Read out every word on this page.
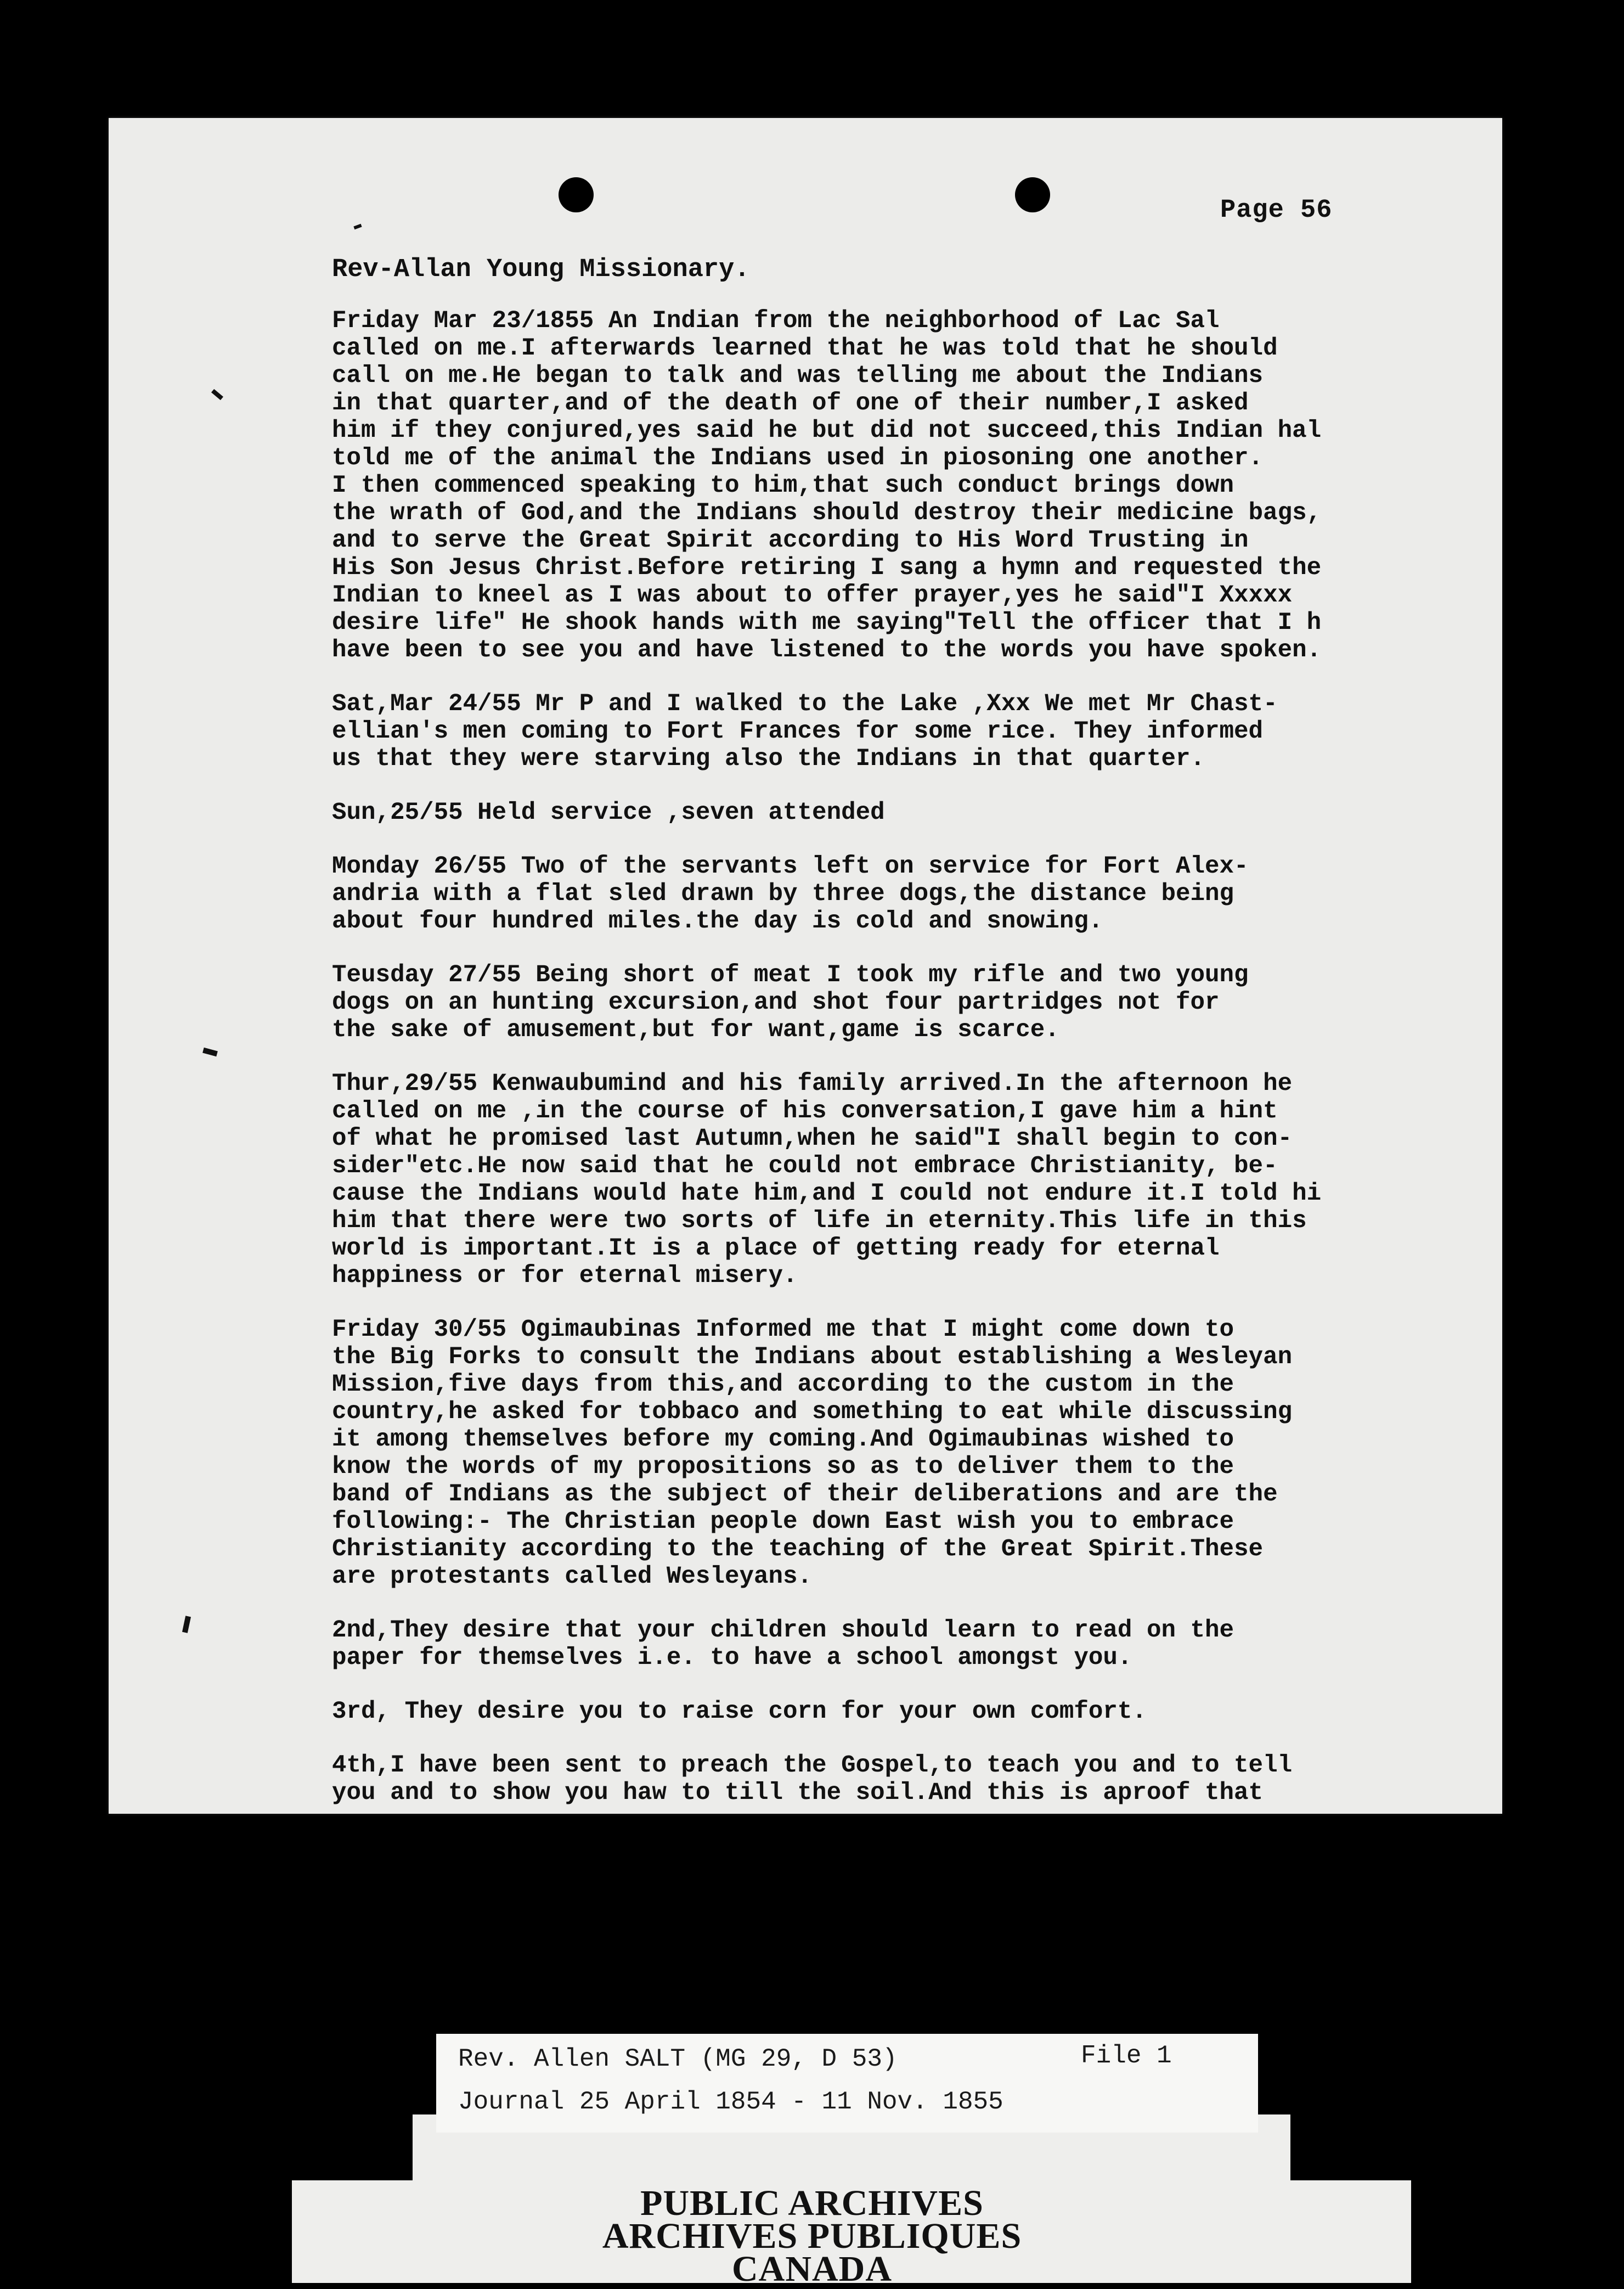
Page 56
Rev-Allan Young Missionary.

Friday Mar 23/1855 An Indian from the neighborhood of Lac Sal
called on me.I afterwards learned that he was told that he should
call on me.He began to talk and was telling me about the Indians
in that quarter,and of the death of one of their number,I asked
him if they conjured,yes said he but did not succeed,this Indian hal
told me of the animal the Indians used in piosoning one another.
I then commenced speaking to him,that such conduct brings down
the wrath of God,and the Indians should destroy their medicine bags,
and to serve the Great Spirit according to His Word Trusting in
His Son Jesus Christ.Before retiring I sang a hymn and requested the
Indian to kneel as I was about to offer prayer,yes he said"I Xxxxx
desire life" He shook hands with me saying"Tell the officer that I h
have been to see you and have listened to the words you have spoken.

Sat,Mar 24/55 Mr P and I walked to the Lake ,Xxx We met Mr Chast-
ellian's men coming to Fort Frances for some rice. They informed
us that they were starving also the Indians in that quarter.

Sun,25/55 Held service ,seven attended

Monday 26/55 Two of the servants left on service for Fort Alex-
andria with a flat sled drawn by three dogs,the distance being
about four hundred miles.the day is cold and snowing.

Teusday 27/55 Being short of meat I took my rifle and two young
dogs on an hunting excursion,and shot four partridges not for
the sake of amusement,but for want,game is scarce.

Thur,29/55 Kenwaubumind and his family arrived.In the afternoon he
called on me ,in the course of his conversation,I gave him a hint
of what he promised last Autumn,when he said"I shall begin to con-
sider"etc.He now said that he could not embrace Christianity, be-
cause the Indians would hate him,and I could not endure it.I told hi
him that there were two sorts of life in eternity.This life in this
world is important.It is a place of getting ready for eternal
happiness or for eternal misery.

Friday 30/55 Ogimaubinas Informed me that I might come down to
the Big Forks to consult the Indians about establishing a Wesleyan
Mission,five days from this,and according to the custom in the
country,he asked for tobbaco and something to eat while discussing
it among themselves before my coming.And Ogimaubinas wished to
know the words of my propositions so as to deliver them to the
band of Indians as the subject of their deliberations and are the
following:- The Christian people down East wish you to embrace
Christianity according to the teaching of the Great Spirit.These
are protestants called Wesleyans.

2nd,They desire that your children should learn to read on the
paper for themselves i.e. to have a school amongst you.

3rd, They desire you to raise corn for your own comfort.

4th,I have been sent to preach the Gospel,to teach you and to tell
you and to show you haw to till the soil.And this is aproof that

Rev. Allen SALT (MG 29, D 53)	File 1
Journal 25 April 1854 - 11 Nov. 1855
PUBLIC ARCHIVES
ARCHIVES PUBLIQUES
CANADA
